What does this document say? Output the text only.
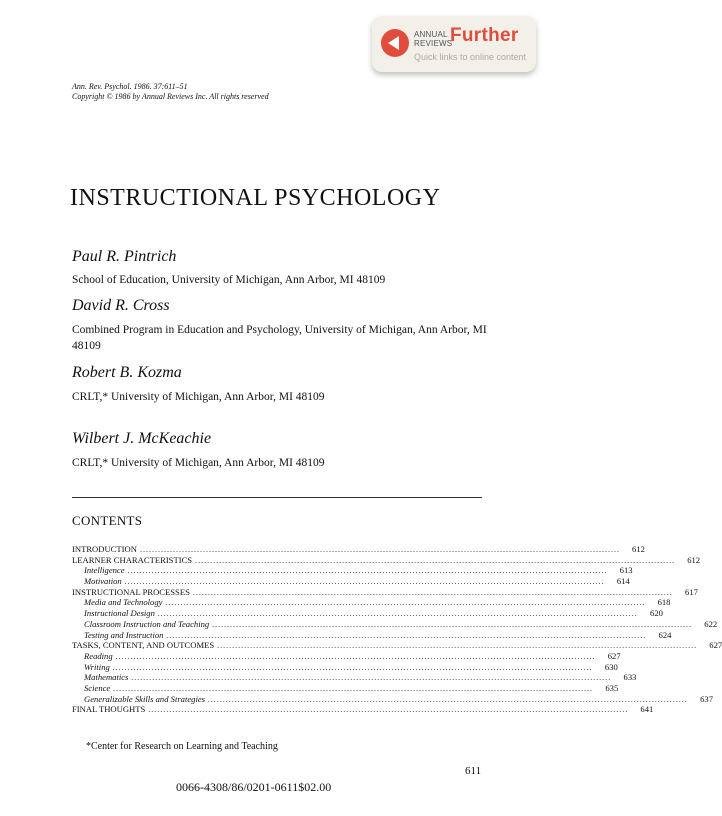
ANNUAL
REVIEWS
Further
Quick links to online content
Ann. Rev. Psychol. 1986. 37:611–51
Copyright © 1986 by Annual Reviews Inc. All rights reserved
INSTRUCTIONAL PSYCHOLOGY
Paul R. Pintrich
School of Education, University of Michigan, Ann Arbor, MI 48109
David R. Cross
Combined Program in Education and Psychology, University of Michigan, Ann Arbor, MI 48109
Robert B. Kozma
CRLT,* University of Michigan, Ann Arbor, MI 48109
Wilbert J. McKeachie
CRLT,* University of Michigan, Ann Arbor, MI 48109
CONTENTS
INTRODUCTION ................................................................................................................................................................	612
LEARNER CHARACTERISTICS ................................................................................................................................................................	612
Intelligence ................................................................................................................................................................	613
Motivation ................................................................................................................................................................	614
INSTRUCTIONAL PROCESSES ................................................................................................................................................................	617
Media and Technology ................................................................................................................................................................	618
Instructional Design ................................................................................................................................................................	620
Classroom Instruction and Teaching ................................................................................................................................................................	622
Testing and Instruction ................................................................................................................................................................	624
TASKS, CONTENT, AND OUTCOMES ................................................................................................................................................................	627
Reading ................................................................................................................................................................	627
Writing ................................................................................................................................................................	630
Mathematics ................................................................................................................................................................	633
Science ................................................................................................................................................................	635
Generalizable Skills and Strategies ................................................................................................................................................................	637
FINAL THOUGHTS ................................................................................................................................................................	641
*Center for Research on Learning and Teaching
611
0066-4308/86/0201-0611$02.00
